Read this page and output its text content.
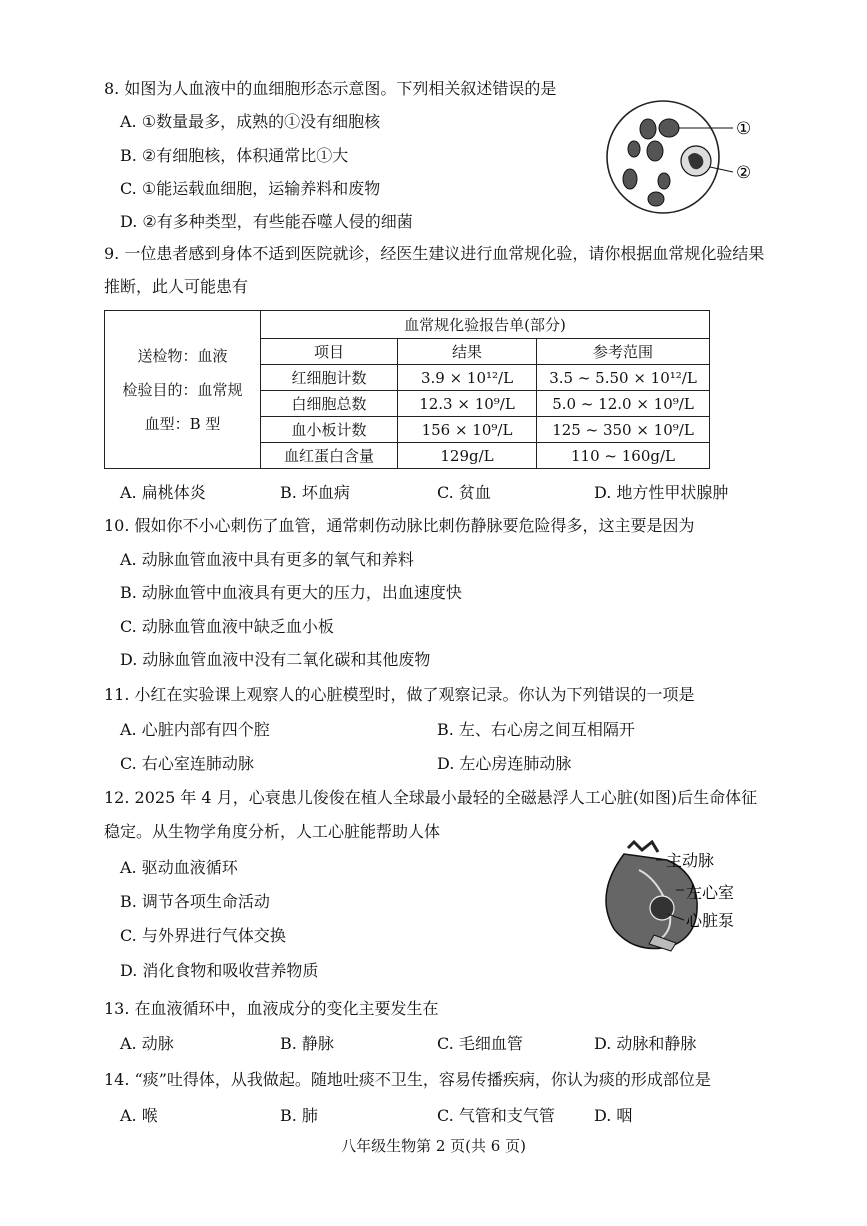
8. 如图为人血液中的血细胞形态示意图。下列相关叙述错误的是
A. ①数量最多，成熟的①没有细胞核
B. ②有细胞核，体积通常比①大
C. ①能运载血细胞，运输养料和废物
D. ②有多种类型，有些能吞噬人侵的细菌
①
②
9. 一位患者感到身体不适到医院就诊，经医生建议进行血常规化验，请你根据血常规化验结果
推断，此人可能患有
送检物：血液
检验目的：血常规
血型：B 型	血常规化验报告单(部分)		
	项目	结果	参考范围
	红细胞计数	3.9 × 10¹²/L	3.5 ~ 5.50 × 10¹²/L
	白细胞总数	12.3 × 10⁹/L	5.0 ~ 12.0 × 10⁹/L
	血小板计数	156 × 10⁹/L	125 ~ 350 × 10⁹/L
	血红蛋白含量	129g/L	110 ~ 160g/L
A. 扁桃体炎	B. 坏血病	C. 贫血	D. 地方性甲状腺肿
10. 假如你不小心刺伤了血管，通常刺伤动脉比刺伤静脉要危险得多，这主要是因为
A. 动脉血管血液中具有更多的氧气和养料
B. 动脉血管中血液具有更大的压力，出血速度快
C. 动脉血管血液中缺乏血小板
D. 动脉血管血液中没有二氧化碳和其他废物
11. 小红在实验课上观察人的心脏模型时，做了观察记录。你认为下列错误的一项是
A. 心脏内部有四个腔	B. 左、右心房之间互相隔开
C. 右心室连肺动脉	D. 左心房连肺动脉
12. 2025 年 4 月，心衰患儿俊俊在植人全球最小最轻的全磁悬浮人工心脏(如图)后生命体征
稳定。从生物学角度分析，人工心脏能帮助人体
A. 驱动血液循环
B. 调节各项生命活动
C. 与外界进行气体交换
D. 消化食物和吸收营养物质
主动脉
左心室
心脏泵
13. 在血液循环中，血液成分的变化主要发生在
A. 动脉	B. 静脉	C. 毛细血管	D. 动脉和静脉
14. “痰”吐得体，从我做起。随地吐痰不卫生，容易传播疾病，你认为痰的形成部位是
A. 喉	B. 肺	C. 气管和支气管 D. 咽
八年级生物第 2 页(共 6 页)
